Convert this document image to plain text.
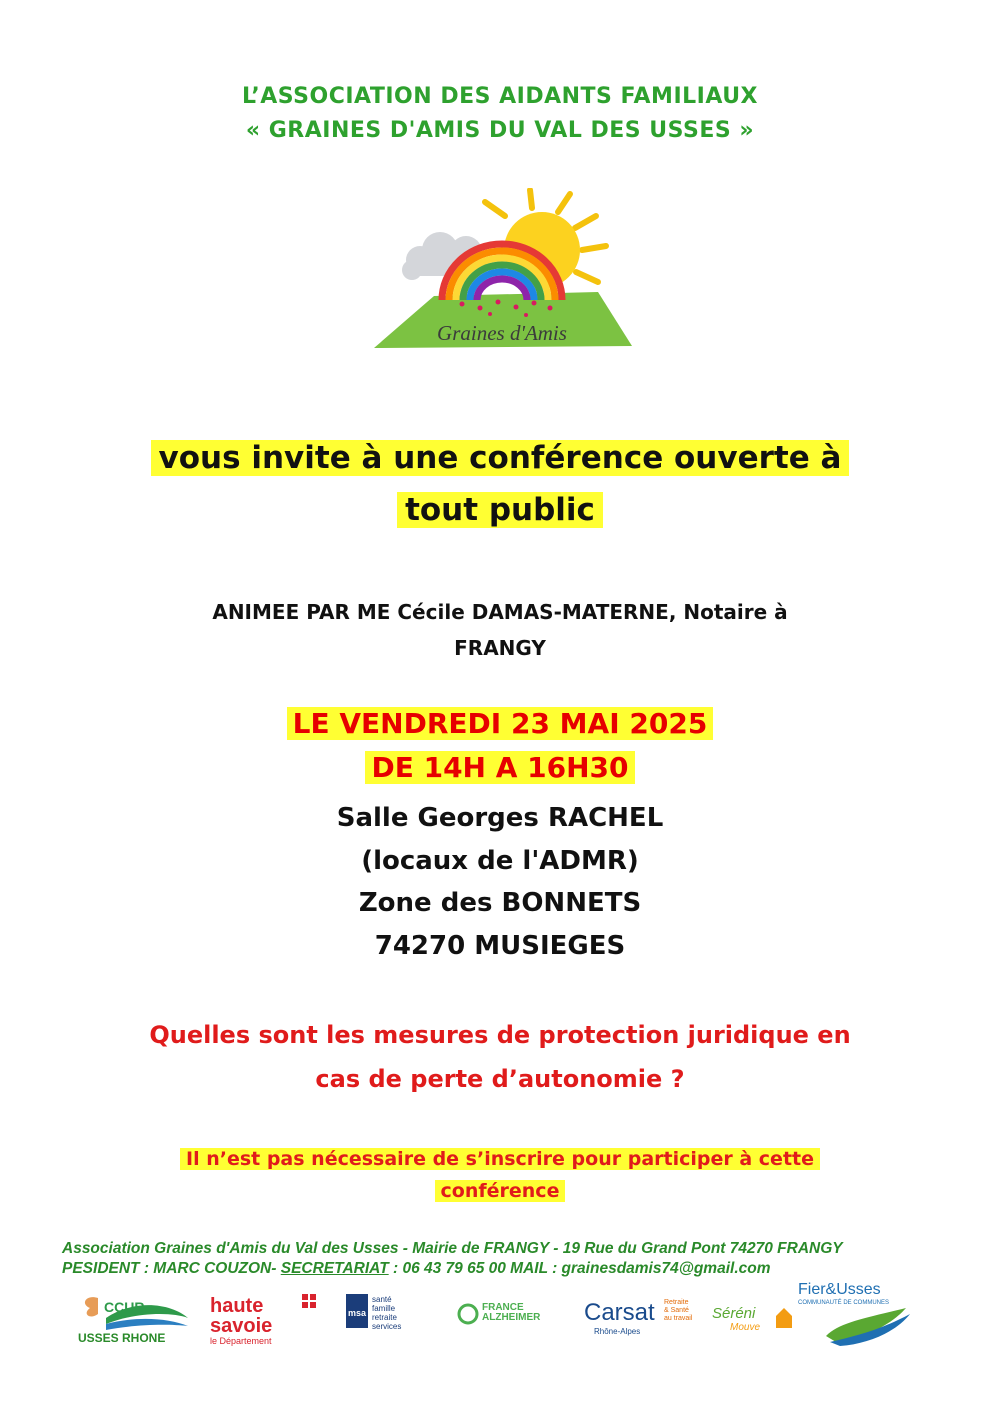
L’ASSOCIATION DES AIDANTS FAMILIAUX
« GRAINES D'AMIS DU VAL DES USSES »
Graines d'Amis
vous invite à une conférence ouverte à
tout public
ANIMEE PAR ME Cécile DAMAS-MATERNE, Notaire à
FRANGY
LE VENDREDI 23 MAI 2025
DE 14H A 16H30
Salle Georges RACHEL
(locaux de l'ADMR)
Zone des BONNETS
74270 MUSIEGES
Quelles sont les mesures de protection juridique en
cas de perte d’autonomie ?
Il n’est pas nécessaire de s’inscrire pour participer à cette
conférence
Association Graines d'Amis du Val des Usses - Mairie de FRANGY - 19 Rue du Grand Pont 74270 FRANGY
PESIDENT : MARC COUZON- SECRETARIAT : 06 43 79 65 00 MAIL : grainesdamis74@gmail.com
CCUR
USSES RHONE
haute
savoie
le Département
msa
santé
famille
retraite
services
FRANCE
ALZHEIMER Carsat
Rhône-Alpes
Retraite
& Santé
au travail Séréni
Mouve
Fier&Usses
COMMUNAUTÉ DE COMMUNES
